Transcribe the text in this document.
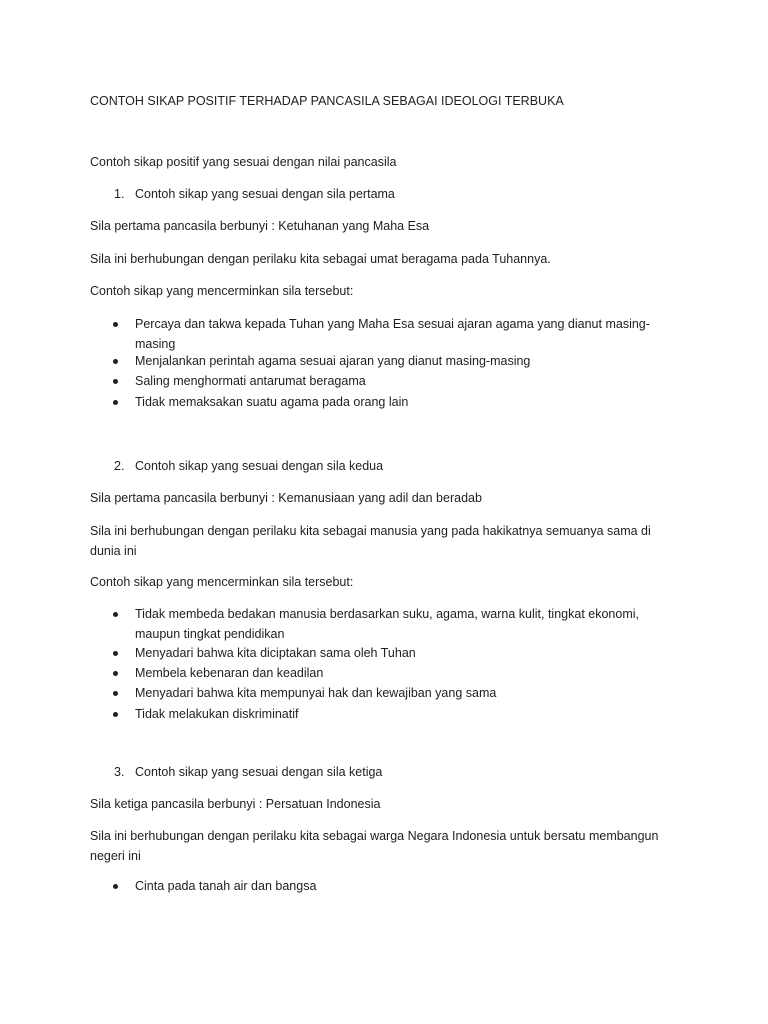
CONTOH SIKAP POSITIF TERHADAP PANCASILA SEBAGAI IDEOLOGI TERBUKA
Contoh sikap positif yang sesuai dengan nilai pancasila
1. Contoh sikap yang sesuai dengan sila pertama
Sila pertama pancasila berbunyi : Ketuhanan yang Maha Esa
Sila ini berhubungan dengan perilaku kita sebagai umat beragama pada Tuhannya.
Contoh sikap yang mencerminkan sila tersebut:
Percaya dan takwa kepada Tuhan yang Maha Esa sesuai ajaran agama yang dianut masing-masing
Menjalankan perintah agama sesuai ajaran yang dianut masing-masing
Saling menghormati antarumat beragama
Tidak memaksakan suatu agama pada orang lain
2. Contoh sikap yang sesuai dengan sila kedua
Sila pertama pancasila berbunyi : Kemanusiaan yang adil dan beradab
Sila ini berhubungan dengan perilaku kita sebagai manusia yang pada hakikatnya semuanya sama di dunia ini
Contoh sikap yang mencerminkan sila tersebut:
Tidak membeda bedakan manusia berdasarkan suku, agama, warna kulit, tingkat ekonomi, maupun tingkat pendidikan
Menyadari bahwa kita diciptakan sama oleh Tuhan
Membela kebenaran dan keadilan
Menyadari bahwa kita mempunyai hak dan kewajiban yang sama
Tidak melakukan diskriminatif
3. Contoh sikap yang sesuai dengan sila ketiga
Sila ketiga pancasila berbunyi : Persatuan Indonesia
Sila ini berhubungan dengan perilaku kita sebagai warga Negara Indonesia untuk bersatu membangun negeri ini
Cinta pada tanah air dan bangsa
